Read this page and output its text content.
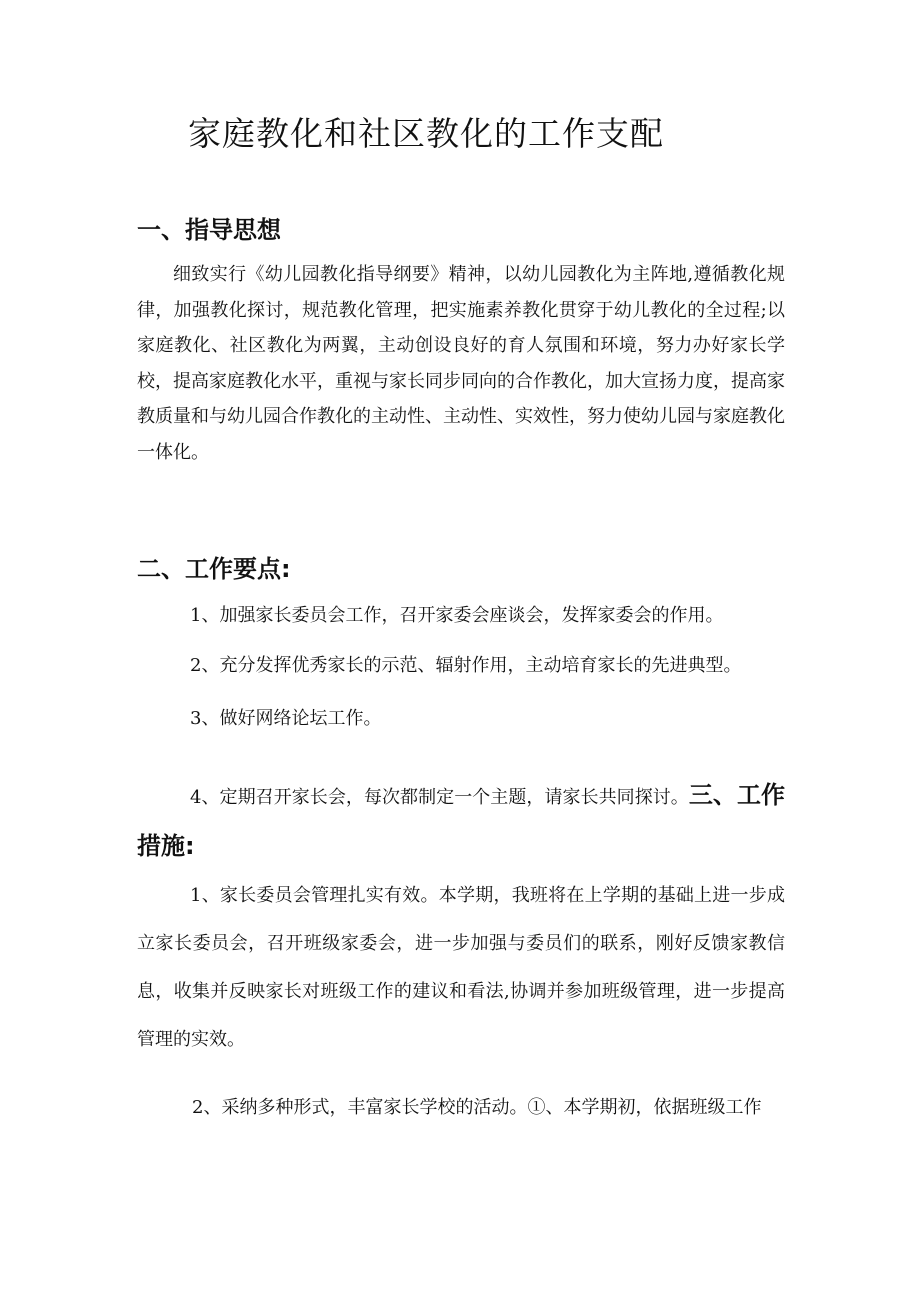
家庭教化和社区教化的工作支配
一、指导思想
细致实行《幼儿园教化指导纲要》精神，以幼儿园教化为主阵地,遵循教化规律，加强教化探讨，规范教化管理，把实施素养教化贯穿于幼儿教化的全过程;以家庭教化、社区教化为两翼，主动创设良好的育人氛围和环境，努力办好家长学校，提高家庭教化水平，重视与家长同步同向的合作教化，加大宣扬力度，提高家教质量和与幼儿园合作教化的主动性、主动性、实效性，努力使幼儿园与家庭教化一体化。
二、工作要点:
1、加强家长委员会工作，召开家委会座谈会，发挥家委会的作用。
2、充分发挥优秀家长的示范、辐射作用，主动培育家长的先进典型。
3、做好网络论坛工作。
4、定期召开家长会，每次都制定一个主题，请家长共同探讨。三、工作措施:
1、家长委员会管理扎实有效。本学期，我班将在上学期的基础上进一步成立家长委员会，召开班级家委会，进一步加强与委员们的联系，刚好反馈家教信息，收集并反映家长对班级工作的建议和看法,协调并参加班级管理，进一步提高管理的实效。
2、采纳多种形式，丰富家长学校的活动。①、本学期初，依据班级工作
